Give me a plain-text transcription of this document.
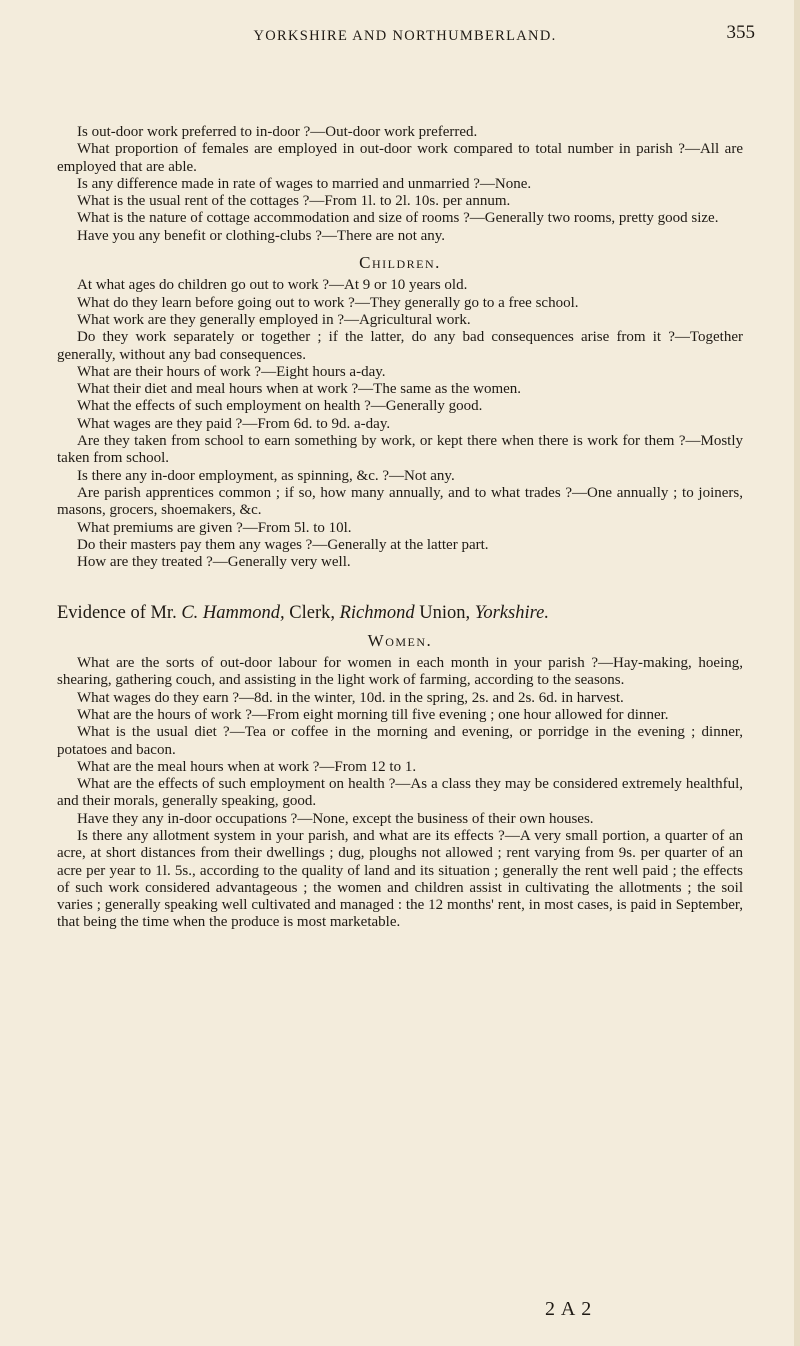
YORKSHIRE AND NORTHUMBERLAND.	355

Is out-door work preferred to in-door ?—Out-door work preferred.

What proportion of females are employed in out-door work compared to total number in parish ?—All are employed that are able.

Is any difference made in rate of wages to married and unmarried ?—None.

What is the usual rent of the cottages ?—From 1l. to 2l. 10s. per annum.

What is the nature of cottage accommodation and size of rooms ?—Generally two rooms, pretty good size.

Have you any benefit or clothing-clubs ?—There are not any.

Children.

At what ages do children go out to work ?—At 9 or 10 years old.

What do they learn before going out to work ?—They generally go to a free school.

What work are they generally employed in ?—Agricultural work.

Do they work separately or together ; if the latter, do any bad consequences arise from it ?—Together generally, without any bad consequences.

What are their hours of work ?—Eight hours a-day.

What their diet and meal hours when at work ?—The same as the women.

What the effects of such employment on health ?—Generally good.

What wages are they paid ?—From 6d. to 9d. a-day.

Are they taken from school to earn something by work, or kept there when there is work for them ?—Mostly taken from school.

Is there any in-door employment, as spinning, &c. ?—Not any.

Are parish apprentices common ; if so, how many annually, and to what trades ?—One annually ; to joiners, masons, grocers, shoemakers, &c.

What premiums are given ?—From 5l. to 10l.

Do their masters pay them any wages ?—Generally at the latter part.

How are they treated ?—Generally very well.

Evidence of Mr. C. Hammond, Clerk, Richmond Union, Yorkshire.

Women.

What are the sorts of out-door labour for women in each month in your parish ?—Hay-making, hoeing, shearing, gathering couch, and assisting in the light work of farming, according to the seasons.

What wages do they earn ?—8d. in the winter, 10d. in the spring, 2s. and 2s. 6d. in harvest.

What are the hours of work ?—From eight morning till five evening ; one hour allowed for dinner.

What is the usual diet ?—Tea or coffee in the morning and evening, or porridge in the evening ; dinner, potatoes and bacon.

What are the meal hours when at work ?—From 12 to 1.

What are the effects of such employment on health ?—As a class they may be considered extremely healthful, and their morals, generally speaking, good.

Have they any in-door occupations ?—None, except the business of their own houses.

Is there any allotment system in your parish, and what are its effects ?—A very small portion, a quarter of an acre, at short distances from their dwellings ; dug, ploughs not allowed ; rent varying from 9s. per quarter of an acre per year to 1l. 5s., according to the quality of land and its situation ; generally the rent well paid ; the effects of such work considered advantageous ; the women and children assist in cultivating the allotments ; the soil varies ; generally speaking well cultivated and managed : the 12 months' rent, in most cases, is paid in September, that being the time when the produce is most marketable.

2 A 2
